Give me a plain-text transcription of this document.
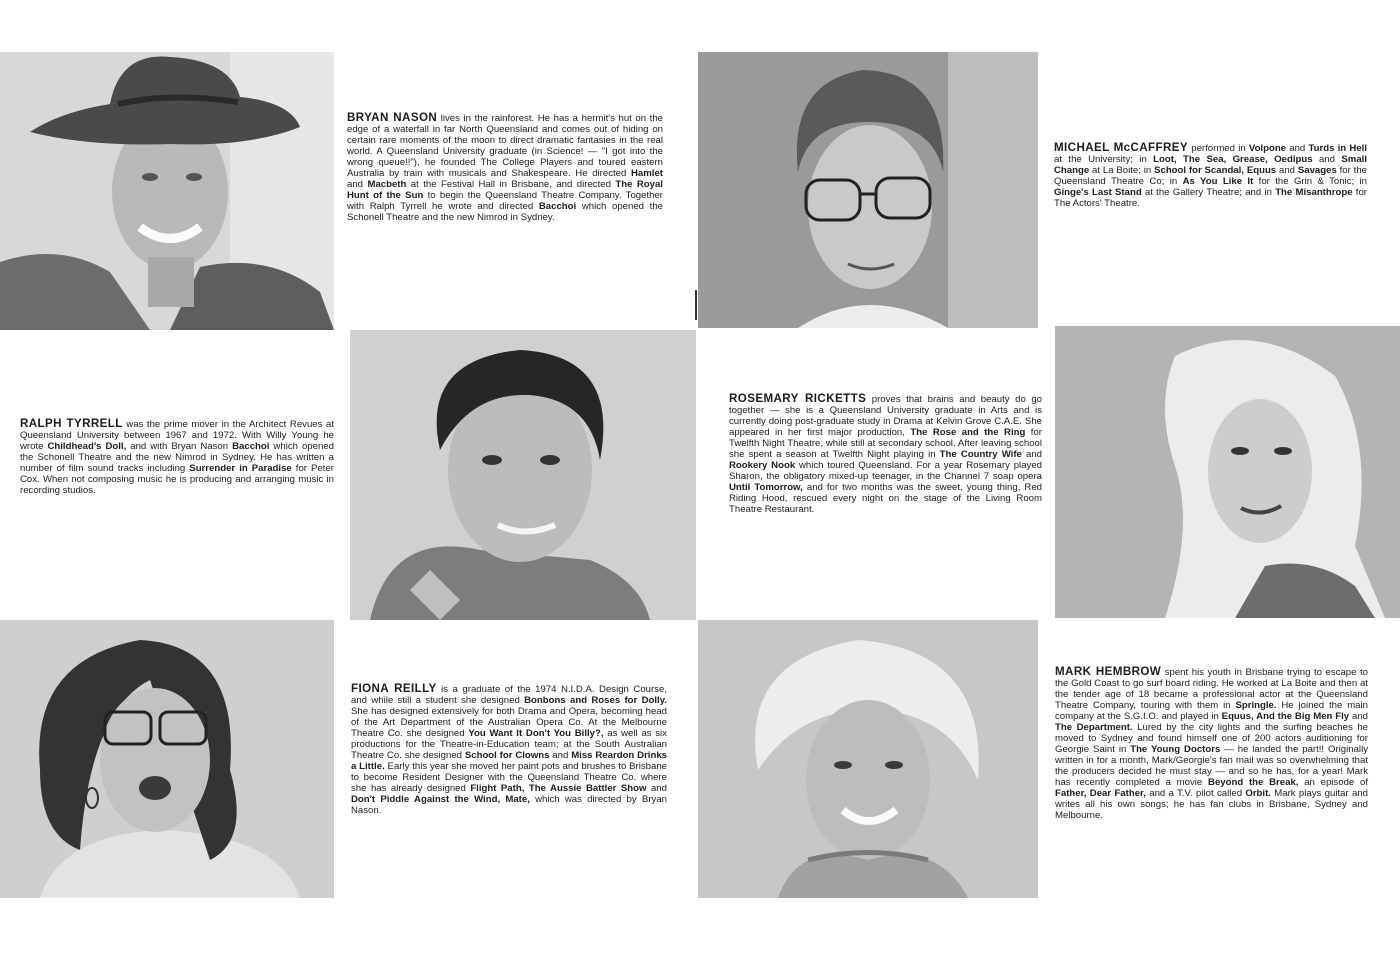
BRYAN NASON lives in the rainforest. He has a hermit's hut on the edge of a waterfall in far North Queensland and comes out of hiding on certain rare moments of the moon to direct dramatic fantasies in the real world. A Queensland University graduate (in Science! — "I got into the wrong queue!!"), he founded The College Players and toured eastern Australia by train with musicals and Shakespeare. He directed Hamlet and Macbeth at the Festival Hall in Brisbane, and directed The Royal Hunt of the Sun to begin the Queensland Theatre Company. Together with Ralph Tyrrell he wrote and directed Bacchoi which opened the Schonell Theatre and the new Nimrod in Sydney.
MICHAEL McCAFFREY performed in Volpone and Turds in Hell at the University; in Loot, The Sea, Grease, Oedipus and Small Change at La Boite; in School for Scandal, Equus and Savages for the Queensland Theatre Co; in As You Like It for the Grin & Tonic; in Ginge's Last Stand at the Gallery Theatre; and in The Misanthrope for The Actors' Theatre.
RALPH TYRRELL was the prime mover in the Architect Revues at Queensland University between 1967 and 1972. With Willy Young he wrote Childhead's Doll, and with Bryan Nason Bacchoi which opened the Schonell Theatre and the new Nimrod in Sydney. He has written a number of film sound tracks including Surrender in Paradise for Peter Cox. When not composing music he is producing and arranging music in recording studios.
ROSEMARY RICKETTS proves that brains and beauty do go together — she is a Queensland University graduate in Arts and is currently doing post-graduate study in Drama at Kelvin Grove C.A.E. She appeared in her first major production, The Rose and the Ring for Twelfth Night Theatre, while still at secondary school. After leaving school she spent a season at Twelfth Night playing in The Country Wife and Rookery Nook which toured Queensland. For a year Rosemary played Sharon, the obligatory mixed-up teenager, in the Channel 7 soap opera Until Tomorrow, and for two months was the sweet, young thing, Red Riding Hood, rescued every night on the stage of the Living Room Theatre Restaurant.
FIONA REILLY is a graduate of the 1974 N.I.D.A. Design Course, and while still a student she designed Bonbons and Roses for Dolly. She has designed extensively for both Drama and Opera, becoming head of the Art Department of the Australian Opera Co. At the Melbourne Theatre Co. she designed You Want It Don't You Billy?, as well as six productions for the Theatre-in-Education team; at the South Australian Theatre Co. she designed School for Clowns and Miss Reardon Drinks a Little. Early this year she moved her paint pots and brushes to Brisbane to become Resident Designer with the Queensland Theatre Co. where she has already designed Flight Path, The Aussie Battler Show and Don't Piddle Against the Wind, Mate, which was directed by Bryan Nason.
MARK HEMBROW spent his youth in Brisbane trying to escape to the Gold Coast to go surf board riding. He worked at La Boite and then at the tender age of 18 became a professional actor at the Queensland Theatre Company, touring with them in Springle. He joined the main company at the S.G.I.O. and played in Equus, And the Big Men Fly and The Department. Lured by the city lights and the surfing beaches he moved to Sydney and found himself one of 200 actors auditioning for Georgie Saint in The Young Doctors — he landed the part!! Originally written in for a month, Mark/Georgie's fan mail was so overwhelming that the producers decided he must stay — and so he has, for a year! Mark has recently completed a movie Beyond the Break, an episode of Father, Dear Father, and a T.V. pilot called Orbit. Mark plays guitar and writes all his own songs; he has fan clubs in Brisbane, Sydney and Melbourne.
